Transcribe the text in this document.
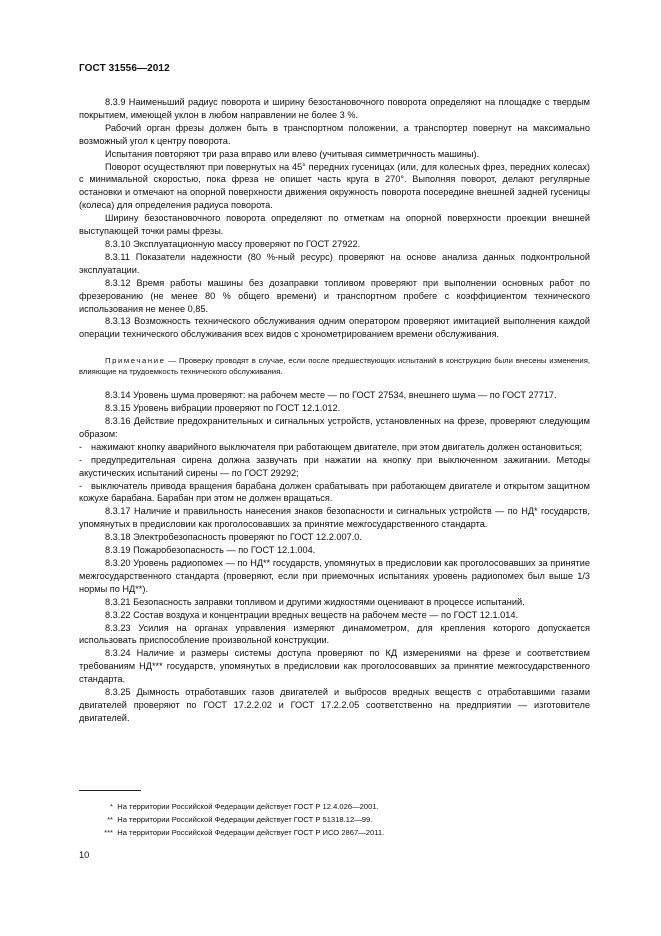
ГОСТ 31556—2012

8.3.9 Наименьший радиус поворота и ширину безостановочного поворота определяют на площадке с твердым покрытием, имеющей уклон в любом направлении не более 3 %.

Рабочий орган фрезы должен быть в транспортном положении, а транспортер повернут на максимально возможный угол к центру поворота.

Испытания повторяют три раза вправо или влево (учитывая симметричность машины).

Поворот осуществляют при повернутых на 45° передних гусеницах (или, для колесных фрез, передних колесах) с минимальной скоростью, пока фреза не опишет часть круга в 270°. Выполняя поворот, делают регулярные остановки и отмечают на опорной поверхности движения окружность поворота посередине внешней задней гусеницы (колеса) для определения радиуса поворота.

Ширину безостановочного поворота определяют по отметкам на опорной поверхности проекции внешней выступающей точки рамы фрезы.

8.3.10 Эксплуатационную массу проверяют по ГОСТ 27922.

8.3.11 Показатели надежности (80 %-ный ресурс) проверяют на основе анализа данных подконтрольной эксплуатации.

8.3.12 Время работы машины без дозаправки топливом проверяют при выполнении основных работ по фрезерованию (не менее 80 % общего времени) и транспортном пробеге с коэффициентом технического использования не менее 0,85.

8.3.13 Возможность технического обслуживания одним оператором проверяют имитацией выполнения каждой операции технического обслуживания всех видов с хронометрированием времени обслуживания.

Примечание — Проверку проводят в случае, если после предшествующих испытаний в конструкцию были внесены изменения, влияющие на трудоемкость технического обслуживания.

8.3.14 Уровень шума проверяют: на рабочем месте — по ГОСТ 27534, внешнего шума — по ГОСТ 27717.

8.3.15 Уровень вибрации проверяют по ГОСТ 12.1.012.

8.3.16 Действие предохранительных и сигнальных устройств, установленных на фрезе, проверяют следующим образом:

- нажимают кнопку аварийного выключателя при работающем двигателе, при этом двигатель должен остановиться;

- предупредительная сирена должна зазвучать при нажатии на кнопку при выключенном зажигании. Методы акустических испытаний сирены — по ГОСТ 29292;

- выключатель привода вращения барабана должен срабатывать при работающем двигателе и открытом защитном кожухе барабана. Барабан при этом не должен вращаться.

8.3.17 Наличие и правильность нанесения знаков безопасности и сигнальных устройств — по НД* государств, упомянутых в предисловии как проголосовавших за принятие межгосударственного стандарта.

8.3.18 Электробезопасность проверяют по ГОСТ 12.2.007.0.

8.3.19 Пожаробезопасность — по ГОСТ 12.1.004.

8.3.20 Уровень радиопомех — по НД** государств, упомянутых в предисловии как проголосовавших за принятие межгосударственного стандарта (проверяют, если при приемочных испытаниях уровень радиопомех был выше 1/3 нормы по НД**).

8.3.21 Безопасность заправки топливом и другими жидкостями оценивают в процессе испытаний.

8.3.22 Состав воздуха и концентрации вредных веществ на рабочем месте — по ГОСТ 12.1.014.

8.3.23 Усилия на органах управления измеряют динамометром, для крепления которого допускается использовать приспособление произвольной конструкции.

8.3.24 Наличие и размеры системы доступа проверяют по КД измерениями на фрезе и соответствием требованиям НД*** государств, упомянутых в предисловии как проголосовавших за принятие межгосударственного стандарта.

8.3.25 Дымность отработавших газов двигателей и выбросов вредных веществ с отработавшими газами двигателей проверяют по ГОСТ 17.2.2.02 и ГОСТ 17.2.2.05 соответственно на предприятии — изготовителе двигателей.

* На территории Российской Федерации действует ГОСТ Р 12.4.026—2001.
** На территории Российской Федерации действует ГОСТ Р 51318.12—99.
*** На территории Российской Федерации действует ГОСТ Р ИСО 2867—2011.
10
